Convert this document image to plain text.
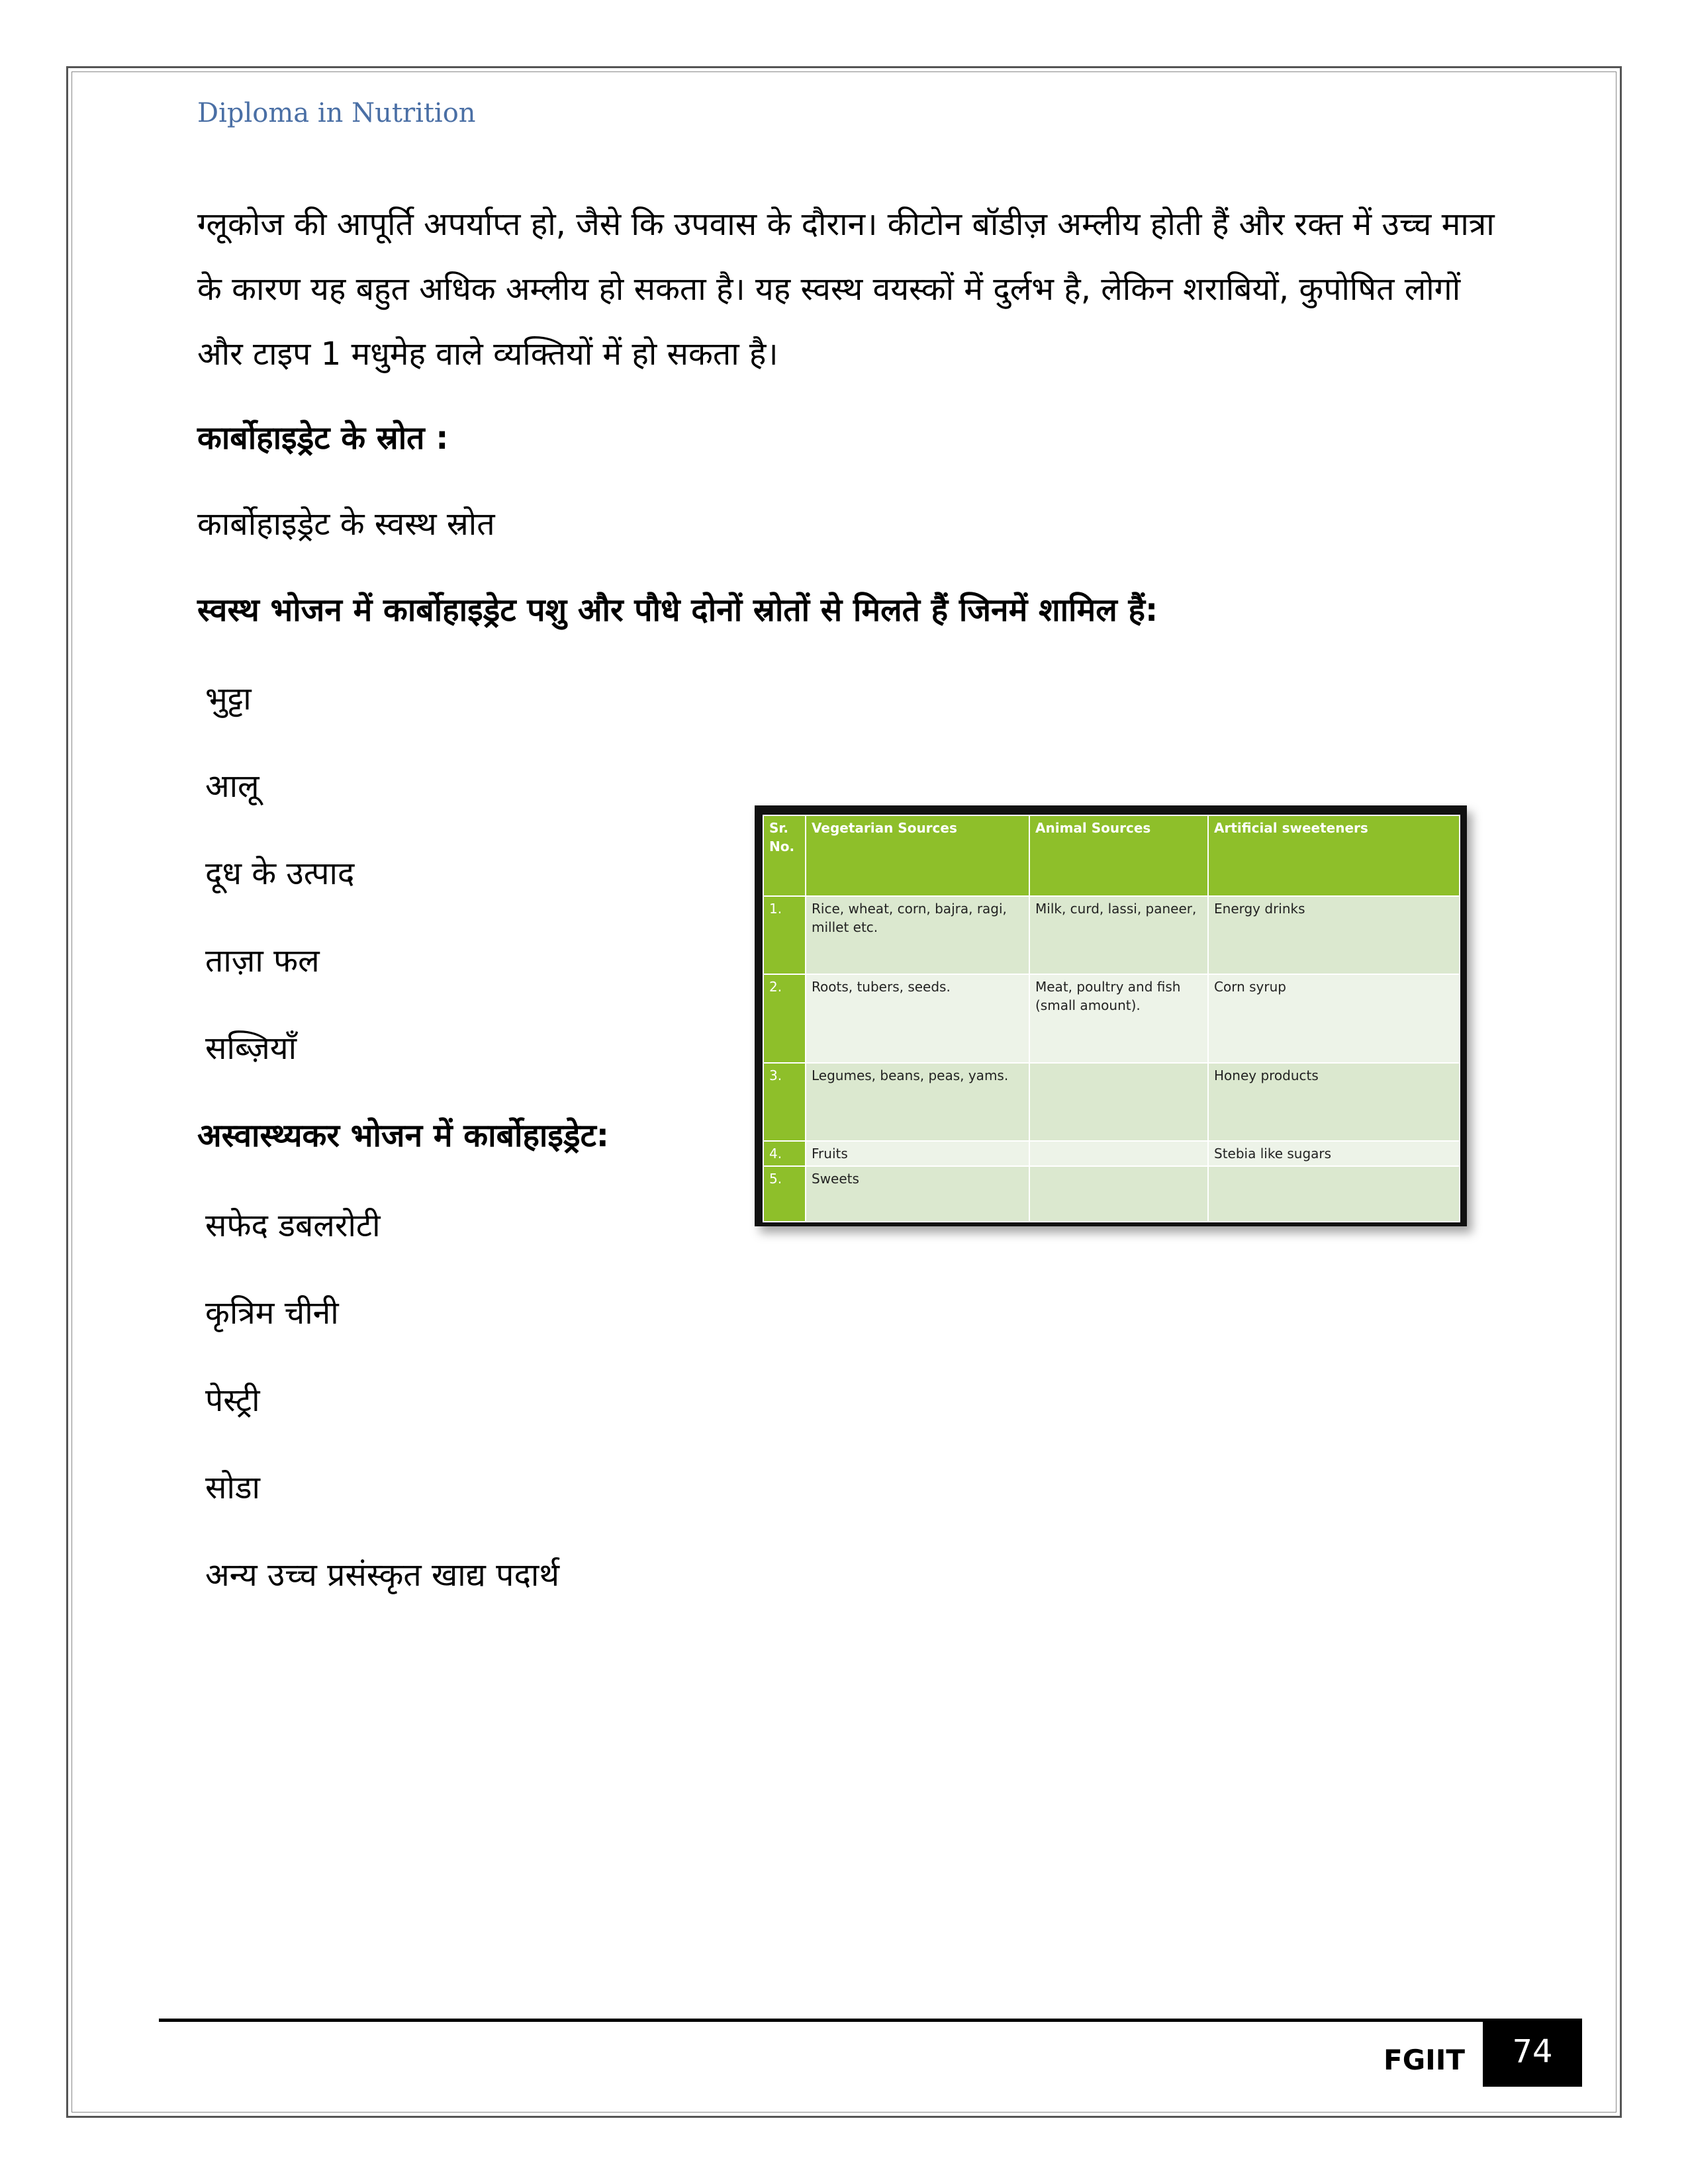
Diploma in Nutrition
ग्लूकोज की आपूर्ति अपर्याप्त हो, जैसे कि उपवास के दौरान। कीटोन बॉडीज़ अम्लीय होती हैं और रक्त में उच्च मात्रा के कारण यह बहुत अधिक अम्लीय हो सकता है। यह स्वस्थ वयस्कों में दुर्लभ है, लेकिन शराबियों, कुपोषित लोगों और टाइप 1 मधुमेह वाले व्यक्तियों में हो सकता है।
कार्बोहाइड्रेट के स्रोत :
कार्बोहाइड्रेट के स्वस्थ स्रोत
स्वस्थ भोजन में कार्बोहाइड्रेट पशु और पौधे दोनों स्रोतों से मिलते हैं जिनमें शामिल हैं:
भुट्टा
आलू
दूध के उत्पाद
ताज़ा फल
सब्ज़ियाँ
अस्वास्थ्यकर भोजन में कार्बोहाइड्रेट:
सफेद डबलरोटी
कृत्रिम चीनी
पेस्ट्री
सोडा
अन्य उच्च प्रसंस्कृत खाद्य पदार्थ
Sr. No.	Vegetarian Sources	Animal Sources	Artificial sweeteners
1.	Rice, wheat, corn, bajra, ragi, millet etc.	Milk, curd, lassi, paneer,	Energy drinks
2.	Roots, tubers, seeds.	Meat, poultry and fish (small amount).	Corn syrup
3.	Legumes, beans, peas, yams.		Honey products
4.	Fruits		Stebia like sugars
5.	Sweets		
FGIIT	74
